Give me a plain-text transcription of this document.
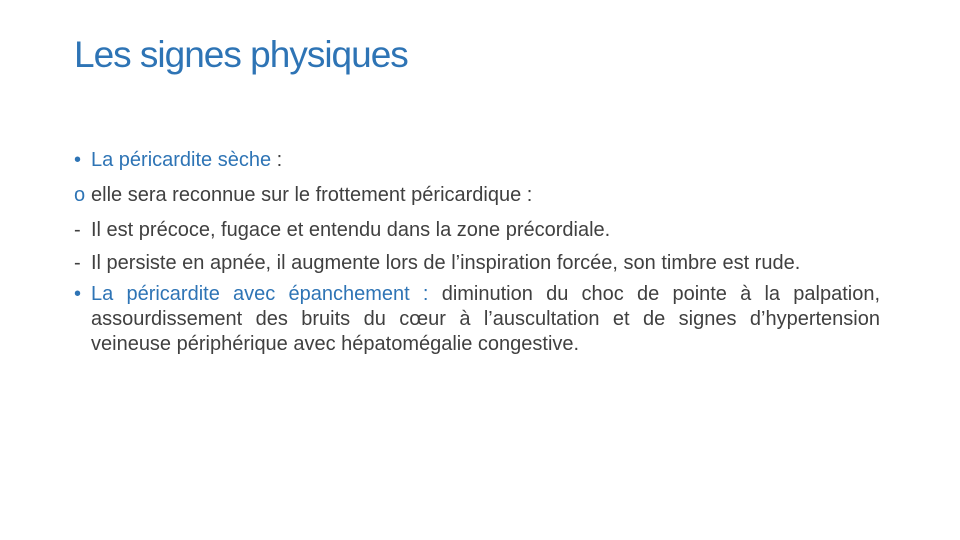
Les signes physiques
• La péricardite sèche :
o elle sera reconnue sur le frottement péricardique :
- Il est précoce, fugace et entendu dans la zone précordiale.
- Il persiste en apnée, il augmente lors de l’inspiration forcée, son timbre est rude.
• La péricardite avec épanchement : diminution du choc de pointe à la palpation, assourdissement des bruits du cœur à l’auscultation et de signes d’hypertension veineuse périphérique avec hépatomégalie congestive.
